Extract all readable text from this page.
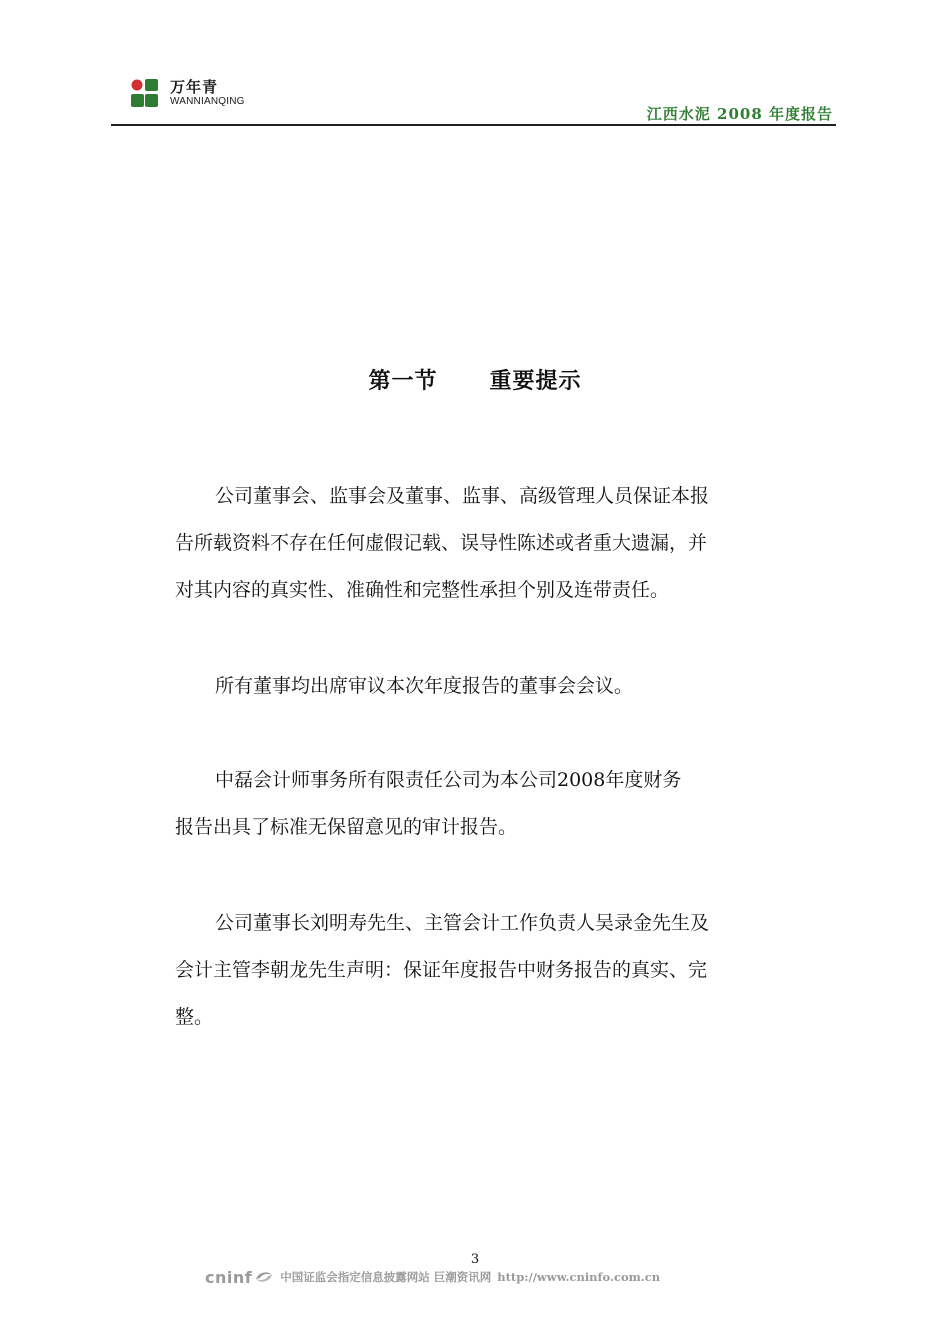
万年青
WANNIANQING
江西水泥 2008 年度报告
第一节      重要提示

公司董事会、监事会及董事、监事、高级管理人员保证本报
告所载资料不存在任何虚假记载、误导性陈述或者重大遗漏，并
对其内容的真实性、准确性和完整性承担个别及连带责任。

所有董事均出席审议本次年度报告的董事会会议。

中磊会计师事务所有限责任公司为本公司2008年度财务
报告出具了标准无保留意见的审计报告。

公司董事长刘明寿先生、主管会计工作负责人吴录金先生及
会计主管李朝龙先生声明：保证年度报告中财务报告的真实、完
整。

3
cninf 中国证监会指定信息披露网站 巨潮资讯网 http://www.cninfo.com.cn
